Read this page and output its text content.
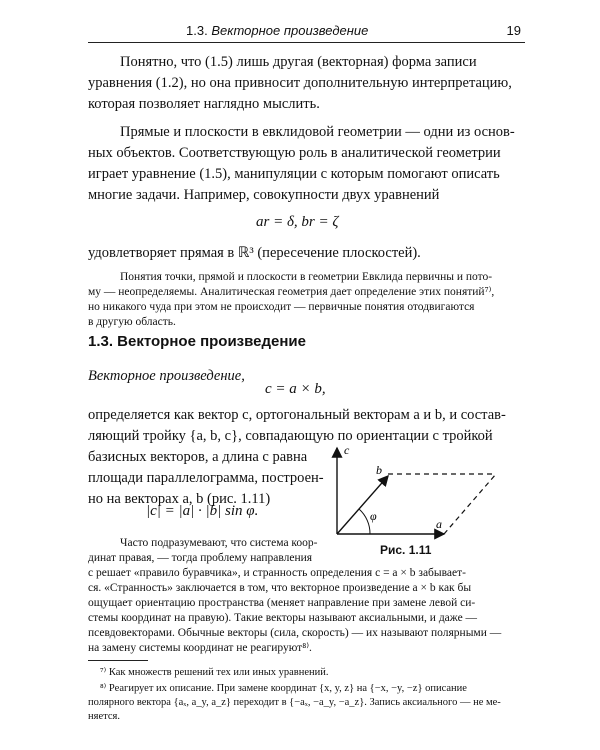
1.3. Векторное произведение	19
Понятно, что (1.5) лишь другая (векторная) форма записи
уравнения (1.2), но она привносит дополнительную интерпретацию,
которая позволяет наглядно мыслить.
Прямые и плоскости в евклидовой геометрии — одни из основ-
ных объектов. Соответствующую роль в аналитической геометрии
играет уравнение (1.5), манипуляции с которым помогают описать
многие задачи. Например, совокупности двух уравнений
ar = δ, br = ζ
удовлетворяет прямая в ℝ³ (пересечение плоскостей).
Понятия точки, прямой и плоскости в геометрии Евклида первичны и пото-
му — неопределяемы. Аналитическая геометрия дает определение этих понятий⁷⁾,
но никакого чуда при этом не происходит — первичные понятия отодвигаются
в другую область.
1.3. Векторное произведение
Векторное произведение,
c = a × b,
определяется как вектор c, ортогональный векторам a и b, и состав-
ляющий тройку {a, b, c}, совпадающую по ориентации с тройкой
базисных векторов, а длина c равна
площади параллелограмма, построен-
но на векторах a, b (рис. 1.11)
|c| = |a| · |b| sin φ.
c
b
a
φ
Рис. 1.11
Часто подразумевают, что система коор-
динат правая, — тогда проблему направления
c решает «правило буравчика», и странность определения c = a × b забывает-
ся. «Странность» заключается в том, что векторное произведение a × b как бы
ощущает ориентацию пространства (меняет направление при замене левой си-
стемы координат на правую). Такие векторы называют аксиальными, и даже —
псевдовекторами. Обычные векторы (сила, скорость) — их называют полярными —
на замену системы координат не реагируют⁸⁾.
⁷⁾ Как множеств решений тех или иных уравнений.
⁸⁾ Реагирует их описание. При замене координат {x, y, z} на {−x, −y, −z} описание
полярного вектора {aₓ, a_y, a_z} переходит в {−aₓ, −a_y, −a_z}. Запись аксиального — не ме-
няется.
